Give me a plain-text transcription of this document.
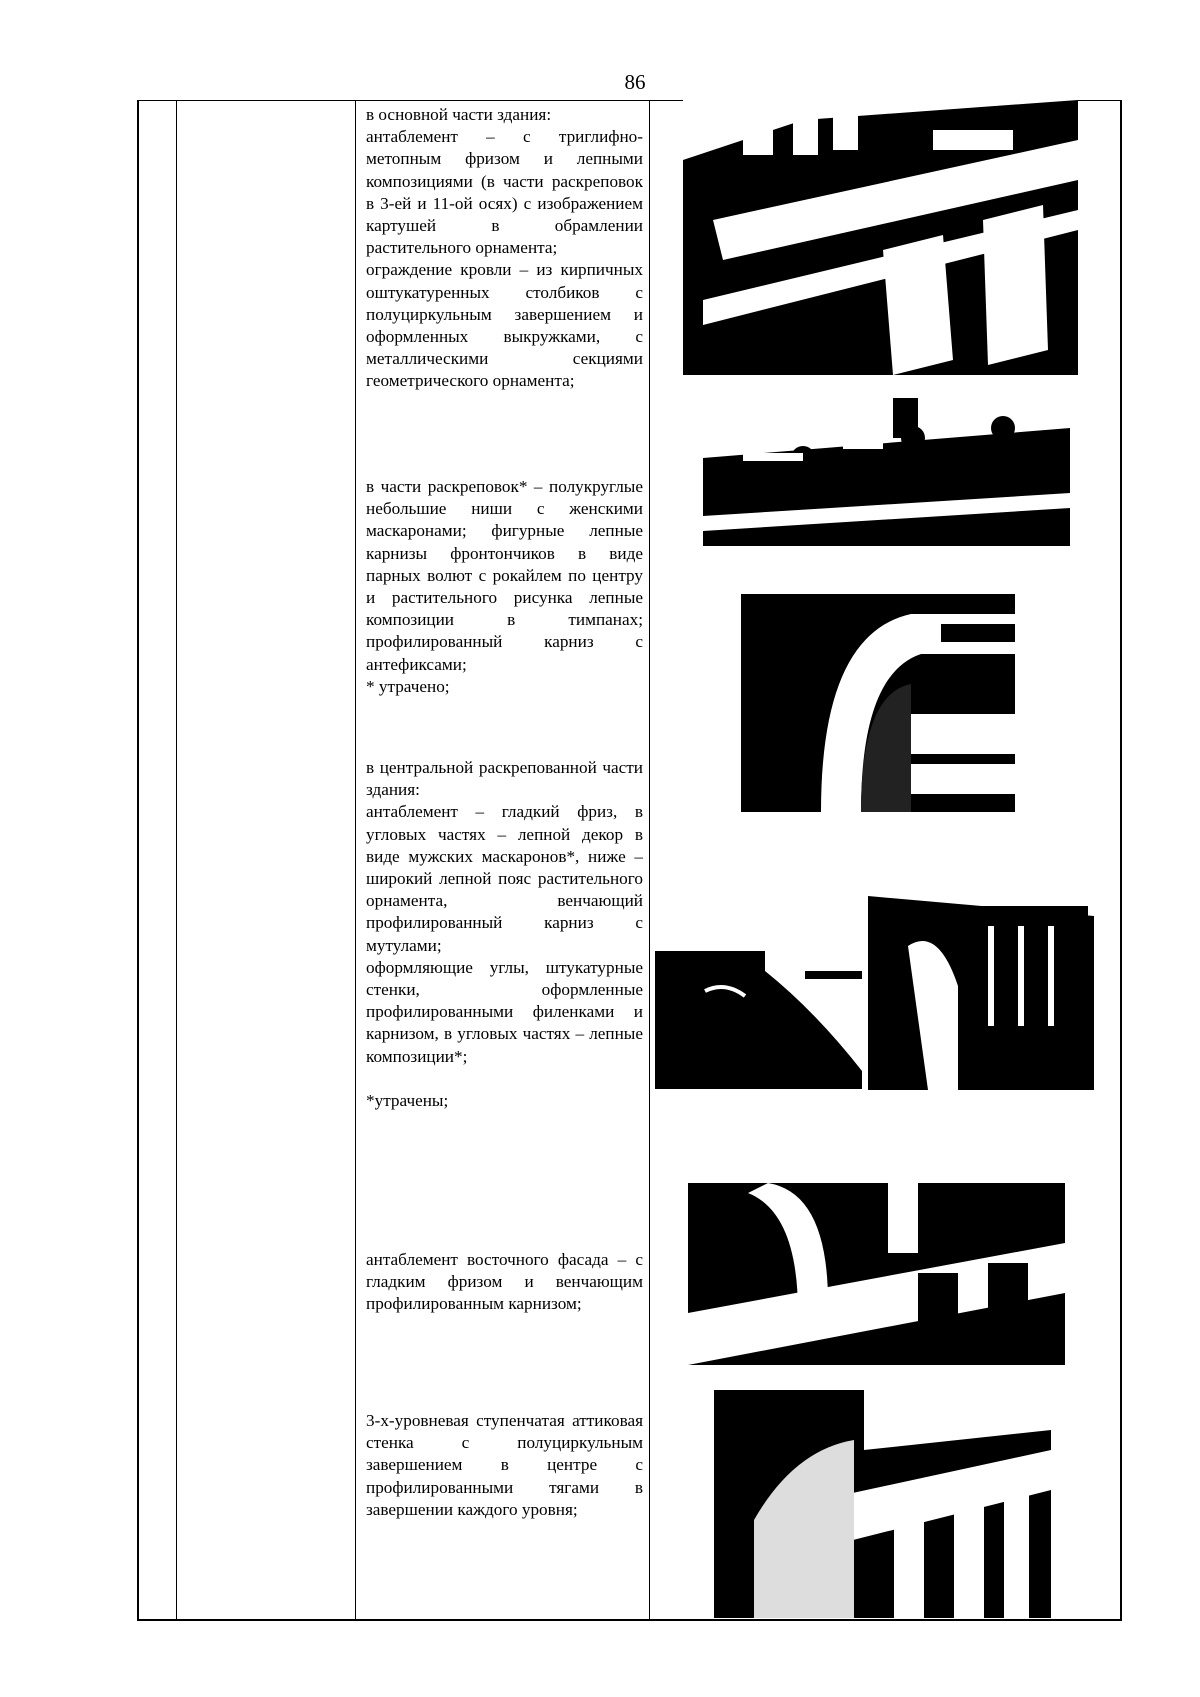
86

в основной части здания:

антаблемент – с триглифно-метопным фризом и лепными композициями (в части раскреповок в 3-ей и 11-ой осях) с изображением картушей в обрамлении растительного орнамента;

ограждение кровли – из кирпичных оштукатуренных столбиков с полуциркульным завершением и оформленных выкружками, с металлическими секциями геометрического орнамента;

в части раскреповок* – полукруглые небольшие ниши с женскими маскаронами; фигурные лепные карнизы фронтончиков в виде парных волют с рокайлем по центру и растительного рисунка лепные композиции в тимпанах; профилированный карниз с антефиксами;

* утрачено;

в центральной раскрепованной части здания:

антаблемент – гладкий фриз, в угловых частях – лепной декор в виде мужских маскаронов*, ниже – широкий лепной пояс растительного орнамента, венчающий профилированный карниз с мутулами;

оформляющие углы, штукатурные стенки, оформленные профилированными филенками и карнизом, в угловых частях – лепные композиции*;

*утрачены;

антаблемент восточного фасада – с гладким фризом и венчающим профилированным карнизом;

3-х-уровневая ступенчатая аттиковая стенка с полуциркульным завершением в центре с профилированными тягами в завершении каждого уровня;
